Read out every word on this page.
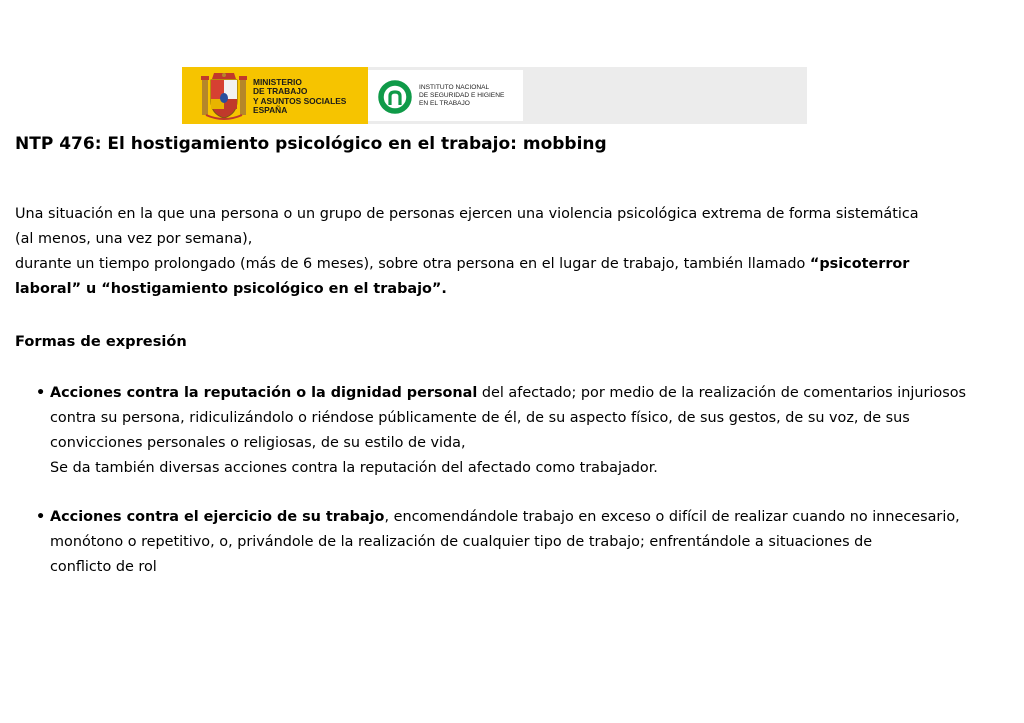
MINISTERIO
DE TRABAJO
Y ASUNTOS SOCIALES
ESPAÑA
INSTITUTO NACIONAL
DE SEGURIDAD E HIGIENE
EN EL TRABAJO
NTP 476: El hostigamiento psicológico en el trabajo: mobbing
Una situación en la que una persona o un grupo de personas ejercen una violencia psicológica extrema de forma sistemática
(al menos, una vez por semana),
durante un tiempo prolongado (más de 6 meses), sobre otra persona en el lugar de trabajo, también llamado “psicoterror
laboral” u “hostigamiento psicológico en el trabajo”.
Formas de expresión
• Acciones contra la reputación o la dignidad personal del afectado; por medio de la realización de comentarios injuriosos
contra su persona, ridiculizándolo o riéndose públicamente de él, de su aspecto físico, de sus gestos, de su voz, de sus
convicciones personales o religiosas, de su estilo de vida,
Se da también diversas acciones contra la reputación del afectado como trabajador.
• Acciones contra el ejercicio de su trabajo, encomendándole trabajo en exceso o difícil de realizar cuando no innecesario,
monótono o repetitivo, o, privándole de la realización de cualquier tipo de trabajo; enfrentándole a situaciones de
conflicto de rol
